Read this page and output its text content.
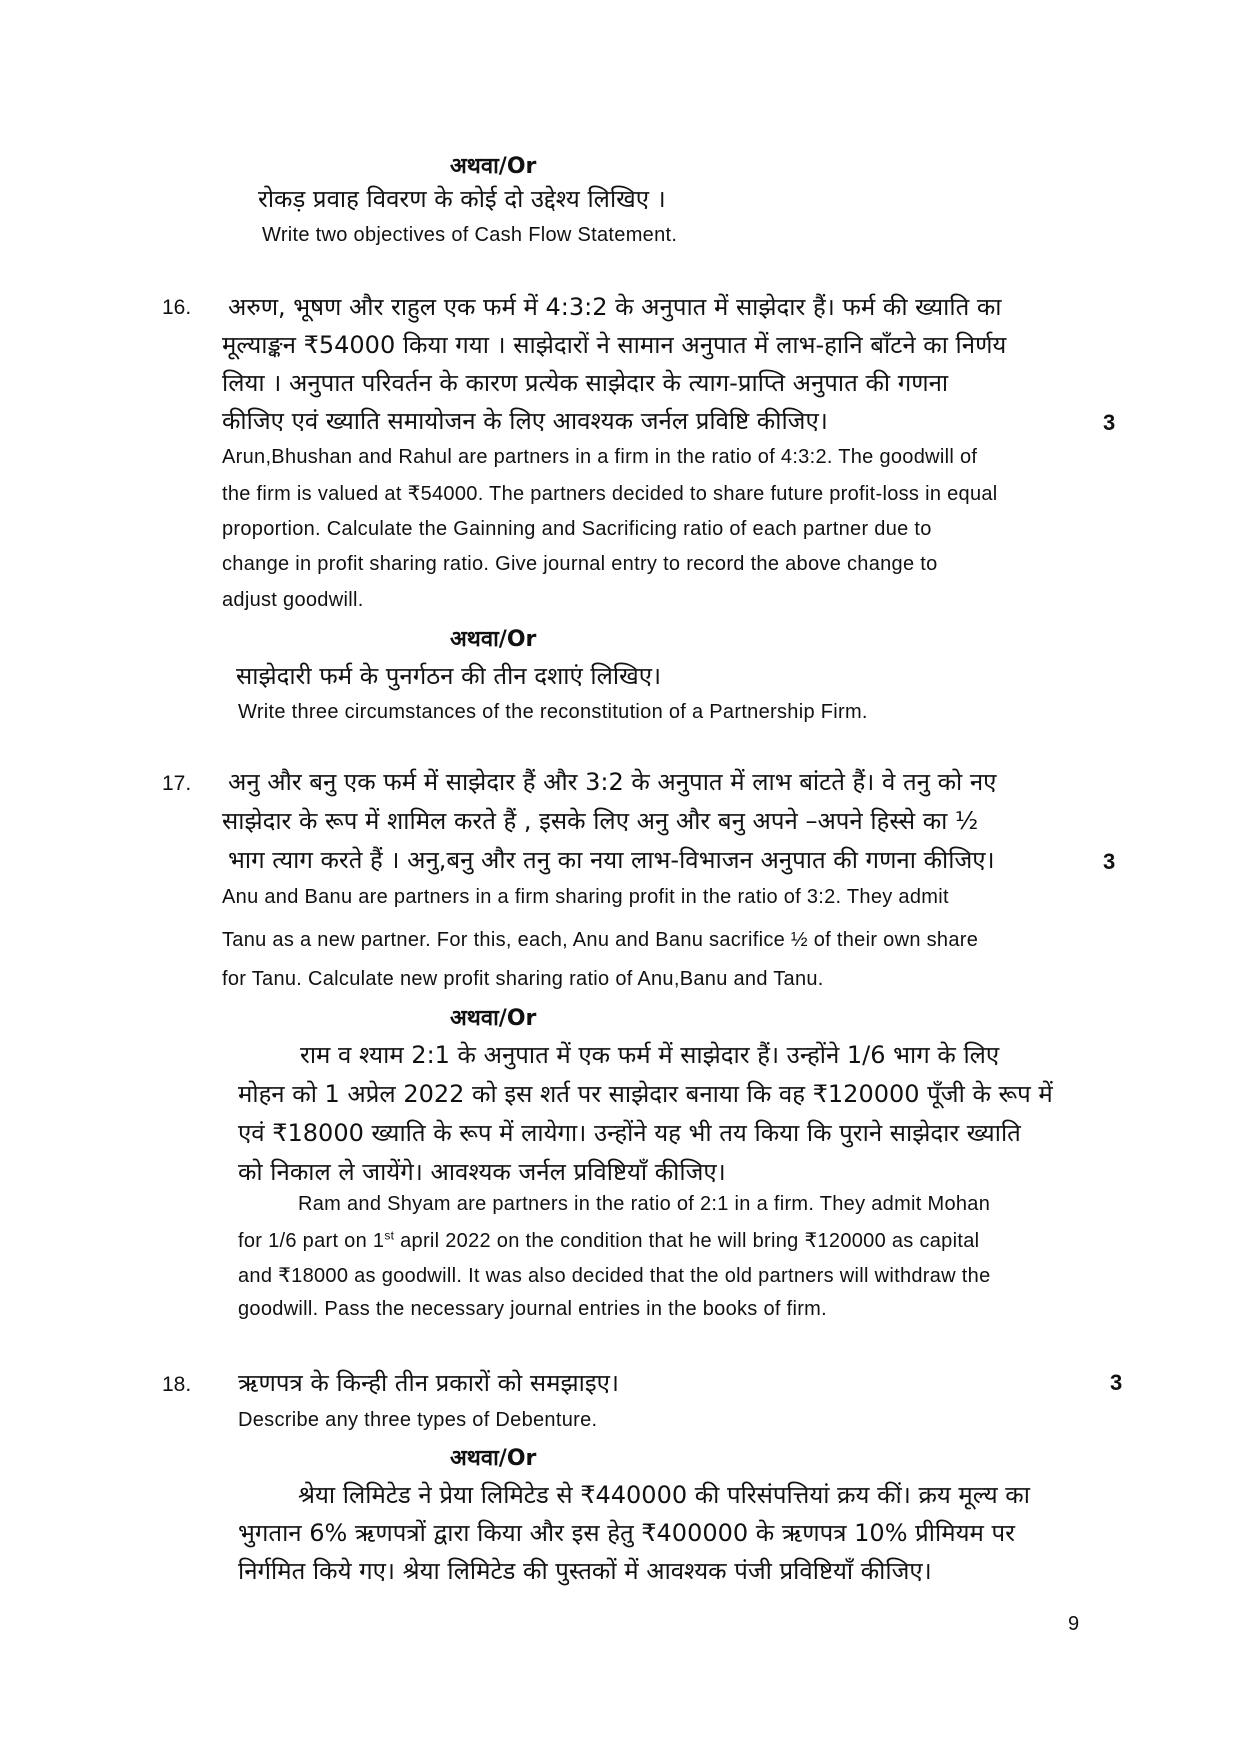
अथवा/Or
रोकड़ प्रवाह विवरण के कोई दो उद्देश्य लिखिए ।
Write two objectives of Cash Flow Statement.
16. अरुण, भूषण और राहुल एक फर्म में 4:3:2 के अनुपात में साझेदार हैं। फर्म की ख्याति का
मूल्याङ्कन ₹54000 किया गया । साझेदारों ने सामान अनुपात में लाभ-हानि बाँटने का निर्णय
लिया । अनुपात परिवर्तन के कारण प्रत्येक साझेदार के त्याग-प्राप्ति अनुपात की गणना
कीजिए एवं ख्याति समायोजन के लिए आवश्यक जर्नल प्रविष्टि कीजिए।	3
Arun,Bhushan and Rahul are partners in a firm in the ratio of 4:3:2. The goodwill of
the firm is valued at ₹54000. The partners decided to share future profit-loss in equal
proportion. Calculate the Gainning and Sacrificing ratio of each partner due to
change in profit sharing ratio. Give journal entry to record the above change to
adjust goodwill.
अथवा/Or
साझेदारी फर्म के पुनर्गठन की तीन दशाएं लिखिए।
Write three circumstances of the reconstitution of a Partnership Firm.
17. अनु और बनु एक फर्म में साझेदार हैं और 3:2 के अनुपात में लाभ बांटते हैं। वे तनु को नए
साझेदार के रूप में शामिल करते हैं , इसके लिए अनु और बनु अपने –अपने हिस्से का ½
भाग त्याग करते हैं । अनु,बनु और तनु का नया लाभ-विभाजन अनुपात की गणना कीजिए।	3
Anu and Banu are partners in a firm sharing profit in the ratio of 3:2. They admit
Tanu as a new partner. For this, each, Anu and Banu sacrifice ½ of their own share
for Tanu. Calculate new profit sharing ratio of Anu,Banu and Tanu.
अथवा/Or
राम व श्याम 2:1 के अनुपात में एक फर्म में साझेदार हैं। उन्होंने 1/6 भाग के लिए
मोहन को 1 अप्रेल 2022 को इस शर्त पर साझेदार बनाया कि वह ₹120000 पूँजी के रूप में
एवं ₹18000 ख्याति के रूप में लायेगा। उन्होंने यह भी तय किया कि पुराने साझेदार ख्याति
को निकाल ले जायेंगे। आवश्यक जर्नल प्रविष्टियाँ कीजिए।
Ram and Shyam are partners in the ratio of 2:1 in a firm. They admit Mohan
for 1/6 part on 1st april 2022 on the condition that he will bring ₹120000 as capital
and ₹18000 as goodwill. It was also decided that the old partners will withdraw the
goodwill. Pass the necessary journal entries in the books of firm.
18. ऋणपत्र के किन्ही तीन प्रकारों को समझाइए।	3
Describe any three types of Debenture.
अथवा/Or
श्रेया लिमिटेड ने प्रेया लिमिटेड से ₹440000 की परिसंपत्तियां क्रय कीं। क्रय मूल्य का
भुगतान 6% ऋणपत्रों द्वारा किया और इस हेतु ₹400000 के ऋणपत्र 10% प्रीमियम पर
निर्गमित किये गए। श्रेया लिमिटेड की पुस्तकों में आवश्यक पंजी प्रविष्टियाँ कीजिए।
9
